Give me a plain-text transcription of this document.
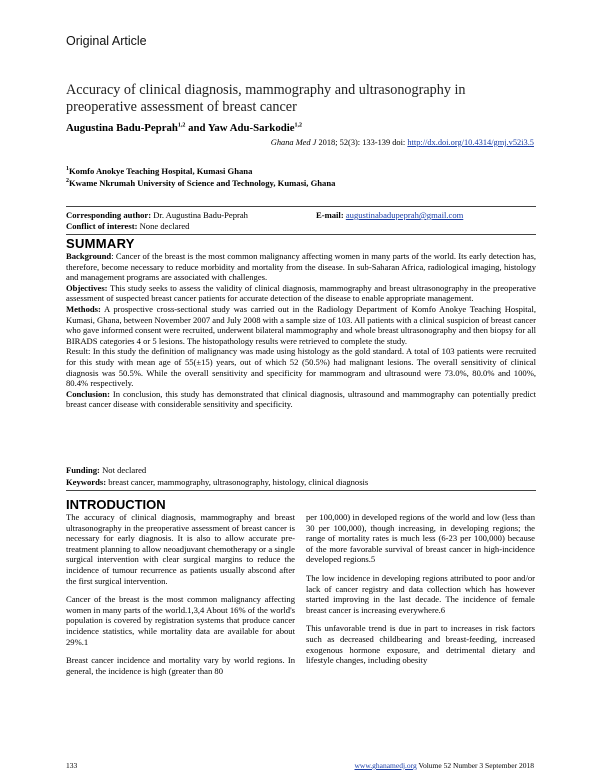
Original Article
Accuracy of clinical diagnosis, mammography and ultrasonography in preoperative assessment of breast cancer
Augustina Badu-Peprah$^{1,2}$ and Yaw Adu-Sarkodie$^{1,2}$
Ghana Med J 2018; 52(3): 133-139 doi: http://dx.doi.org/10.4314/gmj.v52i3.5
$^1$Komfo Anokye Teaching Hospital, Kumasi Ghana
$^2$Kwame Nkrumah University of Science and Technology, Kumasi, Ghana
Corresponding author: Dr. Augustina Badu-Peprah	E-mail: augustinabadupeprah@gmail.com
Conflict of interest: None declared
SUMMARY

Background: Cancer of the breast is the most common malignancy affecting women in many parts of the world. Its early detection has, therefore, become necessary to reduce morbidity and mortality from the disease. In sub-Saharan Africa, radiological imaging, histology and management programs are associated with challenges.

Objectives: This study seeks to assess the validity of clinical diagnosis, mammography and breast ultrasonography in the preoperative assessment of suspected breast cancer patients for accurate detection of the disease to enable appropriate management.

Methods: A prospective cross-sectional study was carried out in the Radiology Department of Komfo Anokye Teaching Hospital, Kumasi, Ghana, between November 2007 and July 2008 with a sample size of 103. All patients with a clinical suspicion of breast cancer who gave informed consent were recruited, underwent bilateral mammography and whole breast ultrasonography and then biopsy for all BIRADS categories 4 or 5 lesions. The histopathology results were retrieved to complete the study.

Result: In this study the definition of malignancy was made using histology as the gold standard. A total of 103 patients were recruited for this study with mean age of 55(±15) years, out of which 52 (50.5%) had malignant lesions. The overall sensitivity of clinical diagnosis was 50.5%. While the overall sensitivity and specificity for mammogram and ultrasound were 73.0%, 80.0% and 100%, 80.4% respectively.

Conclusion: In conclusion, this study has demonstrated that clinical diagnosis, ultrasound and mammography can potentially predict breast cancer disease with considerable sensitivity and specificity.

Funding: Not declared
Keywords: breast cancer, mammography, ultrasonography, histology, clinical diagnosis
INTRODUCTION

The accuracy of clinical diagnosis, mammography and breast ultrasonography in the preoperative assessment of breast cancer is necessary for early diagnosis. It is also to allow accurate pre-treatment planning to allow neoadjuvant chemotherapy or a single surgical intervention with clear surgical margins to reduce the incidence of tumour recurrence as patients usually abscond after the first surgical intervention.

Cancer of the breast is the most common malignancy affecting women in many parts of the world.1,3,4 About 16% of the world's population is covered by registration systems that produce cancer incidence statistics, while mortality data are available for about 29%.1

Breast cancer incidence and mortality vary by world regions. In general, the incidence is high (greater than 80

per 100,000) in developed regions of the world and low (less than 30 per 100,000), though increasing, in developing regions; the range of mortality rates is much less (6-23 per 100,000) because of the more favorable survival of breast cancer in high-incidence developed regions.5

The low incidence in developing regions attributed to poor and/or lack of cancer registry and data collection which has however started improving in the last decade. The incidence of female breast cancer is increasing everywhere.6

This unfavorable trend is due in part to increases in risk factors such as decreased childbearing and breast-feeding, increased exogenous hormone exposure, and detrimental dietary and lifestyle changes, including obesity

133	www.ghanamedj.org Volume 52 Number 3 September 2018
